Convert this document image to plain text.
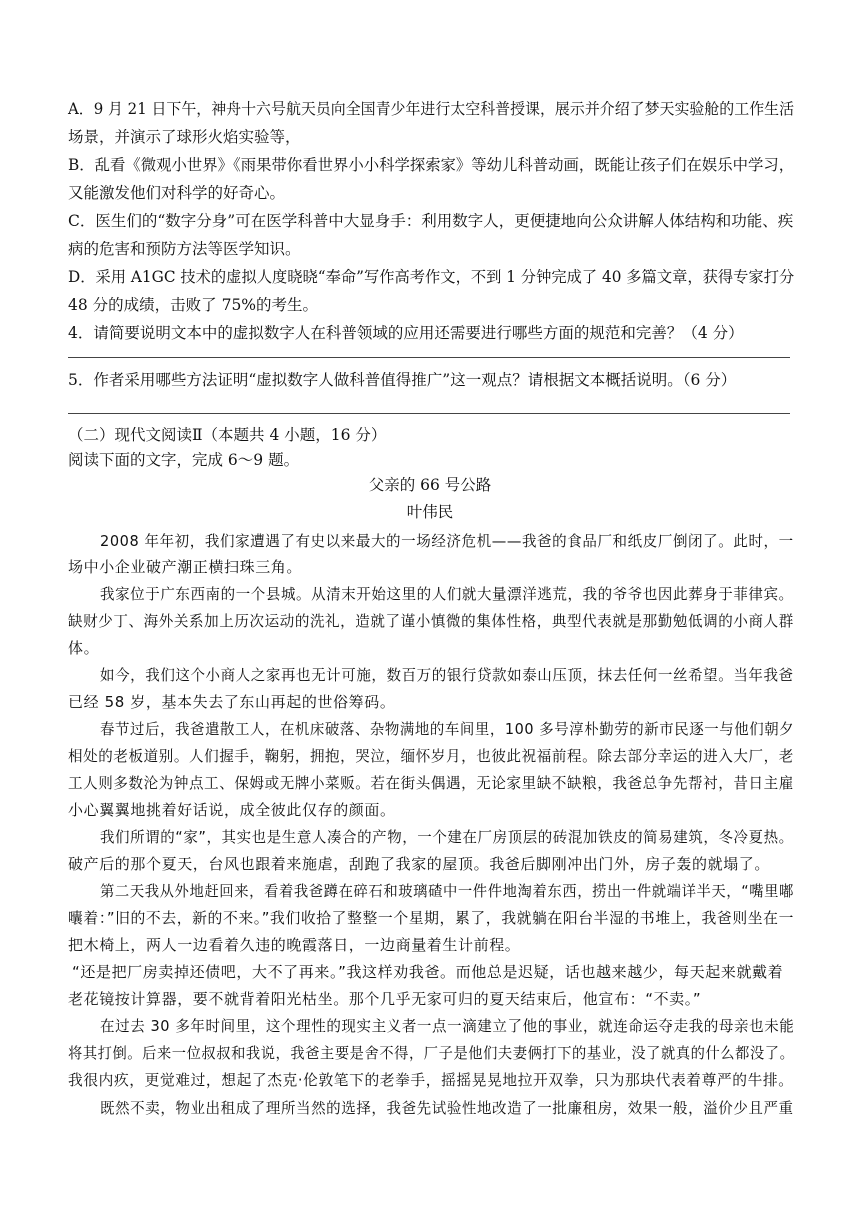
A．9 月 21 日下午，神舟十六号航天员向全国青少年进行太空科普授课，展示并介绍了梦天实验舱的工作生活
场景，并演示了球形火焰实验等，
B．乱看《微观小世界》《雨果带你看世界小小科学探索家》等幼儿科普动画，既能让孩子们在娱乐中学习，
又能激发他们对科学的好奇心。
C．医生们的“数字分身”可在医学科普中大显身手：利用数字人，更便捷地向公众讲解人体结构和功能、疾
病的危害和预防方法等医学知识。
D．采用 A1GC 技术的虚拟人度晓晓“奉命”写作高考作文，不到 1 分钟完成了 40 多篇文章，获得专家打分
48 分的成绩，击败了 75%的考生。
4．请简要说明文本中的虚拟数字人在科普领域的应用还需要进行哪些方面的规范和完善？（4 分）
5．作者采用哪些方法证明“虚拟数字人做科普值得推广”这一观点？请根据文本概括说明。（6 分）
（二）现代文阅读Ⅱ（本题共 4 小题，16 分）
阅读下面的文字，完成 6～9 题。
父亲的 66 号公路
叶伟民
2008 年年初，我们家遭遇了有史以来最大的一场经济危机——我爸的食品厂和纸皮厂倒闭了。此时，一
场中小企业破产潮正横扫珠三角。
我家位于广东西南的一个县城。从清末开始这里的人们就大量漂洋逃荒，我的爷爷也因此葬身于菲律宾。
缺财少丁、海外关系加上历次运动的洗礼，造就了谨小慎微的集体性格，典型代表就是那勤勉低调的小商人群
体。
如今，我们这个小商人之家再也无计可施，数百万的银行贷款如泰山压顶，抹去任何一丝希望。当年我爸
已经 58 岁，基本失去了东山再起的世俗筹码。
春节过后，我爸遣散工人，在机床破落、杂物满地的车间里，100 多号淳朴勤劳的新市民逐一与他们朝夕
相处的老板道别。人们握手，鞠躬，拥抱，哭泣，缅怀岁月，也彼此祝福前程。除去部分幸运的进入大厂，老
工人则多数沦为钟点工、保姆或无牌小菜贩。若在街头偶遇，无论家里缺不缺粮，我爸总争先帮衬，昔日主雇
小心翼翼地挑着好话说，成全彼此仅存的颜面。
我们所谓的“家”，其实也是生意人凑合的产物，一个建在厂房顶层的砖混加铁皮的简易建筑，冬冷夏热。
破产后的那个夏天，台风也跟着来施虐，刮跑了我家的屋顶。我爸后脚刚冲出门外，房子轰的就塌了。
第二天我从外地赶回来，看着我爸蹲在碎石和玻璃碴中一件件地淘着东西，捞出一件就端详半天，“嘴里嘟
囔着：”旧的不去，新的不来。”我们收拾了整整一个星期，累了，我就躺在阳台半湿的书堆上，我爸则坐在一
把木椅上，两人一边看着久违的晚霞落日，一边商量着生计前程。
“还是把厂房卖掉还债吧，大不了再来。”我这样劝我爸。而他总是迟疑，话也越来越少，每天起来就戴着
老花镜按计算器，要不就背着阳光枯坐。那个几乎无家可归的夏天结束后，他宣布：“不卖。”
在过去 30 多年时间里，这个理性的现实主义者一点一滴建立了他的事业，就连命运夺走我的母亲也未能
将其打倒。后来一位叔叔和我说，我爸主要是舍不得，厂子是他们夫妻俩打下的基业，没了就真的什么都没了。
我很内疚，更觉难过，想起了杰克·伦敦笔下的老拳手，摇摇晃晃地拉开双拳，只为那块代表着尊严的牛排。
既然不卖，物业出租成了理所当然的选择，我爸先试验性地改造了一批廉租房，效果一般，溢价少且严重
